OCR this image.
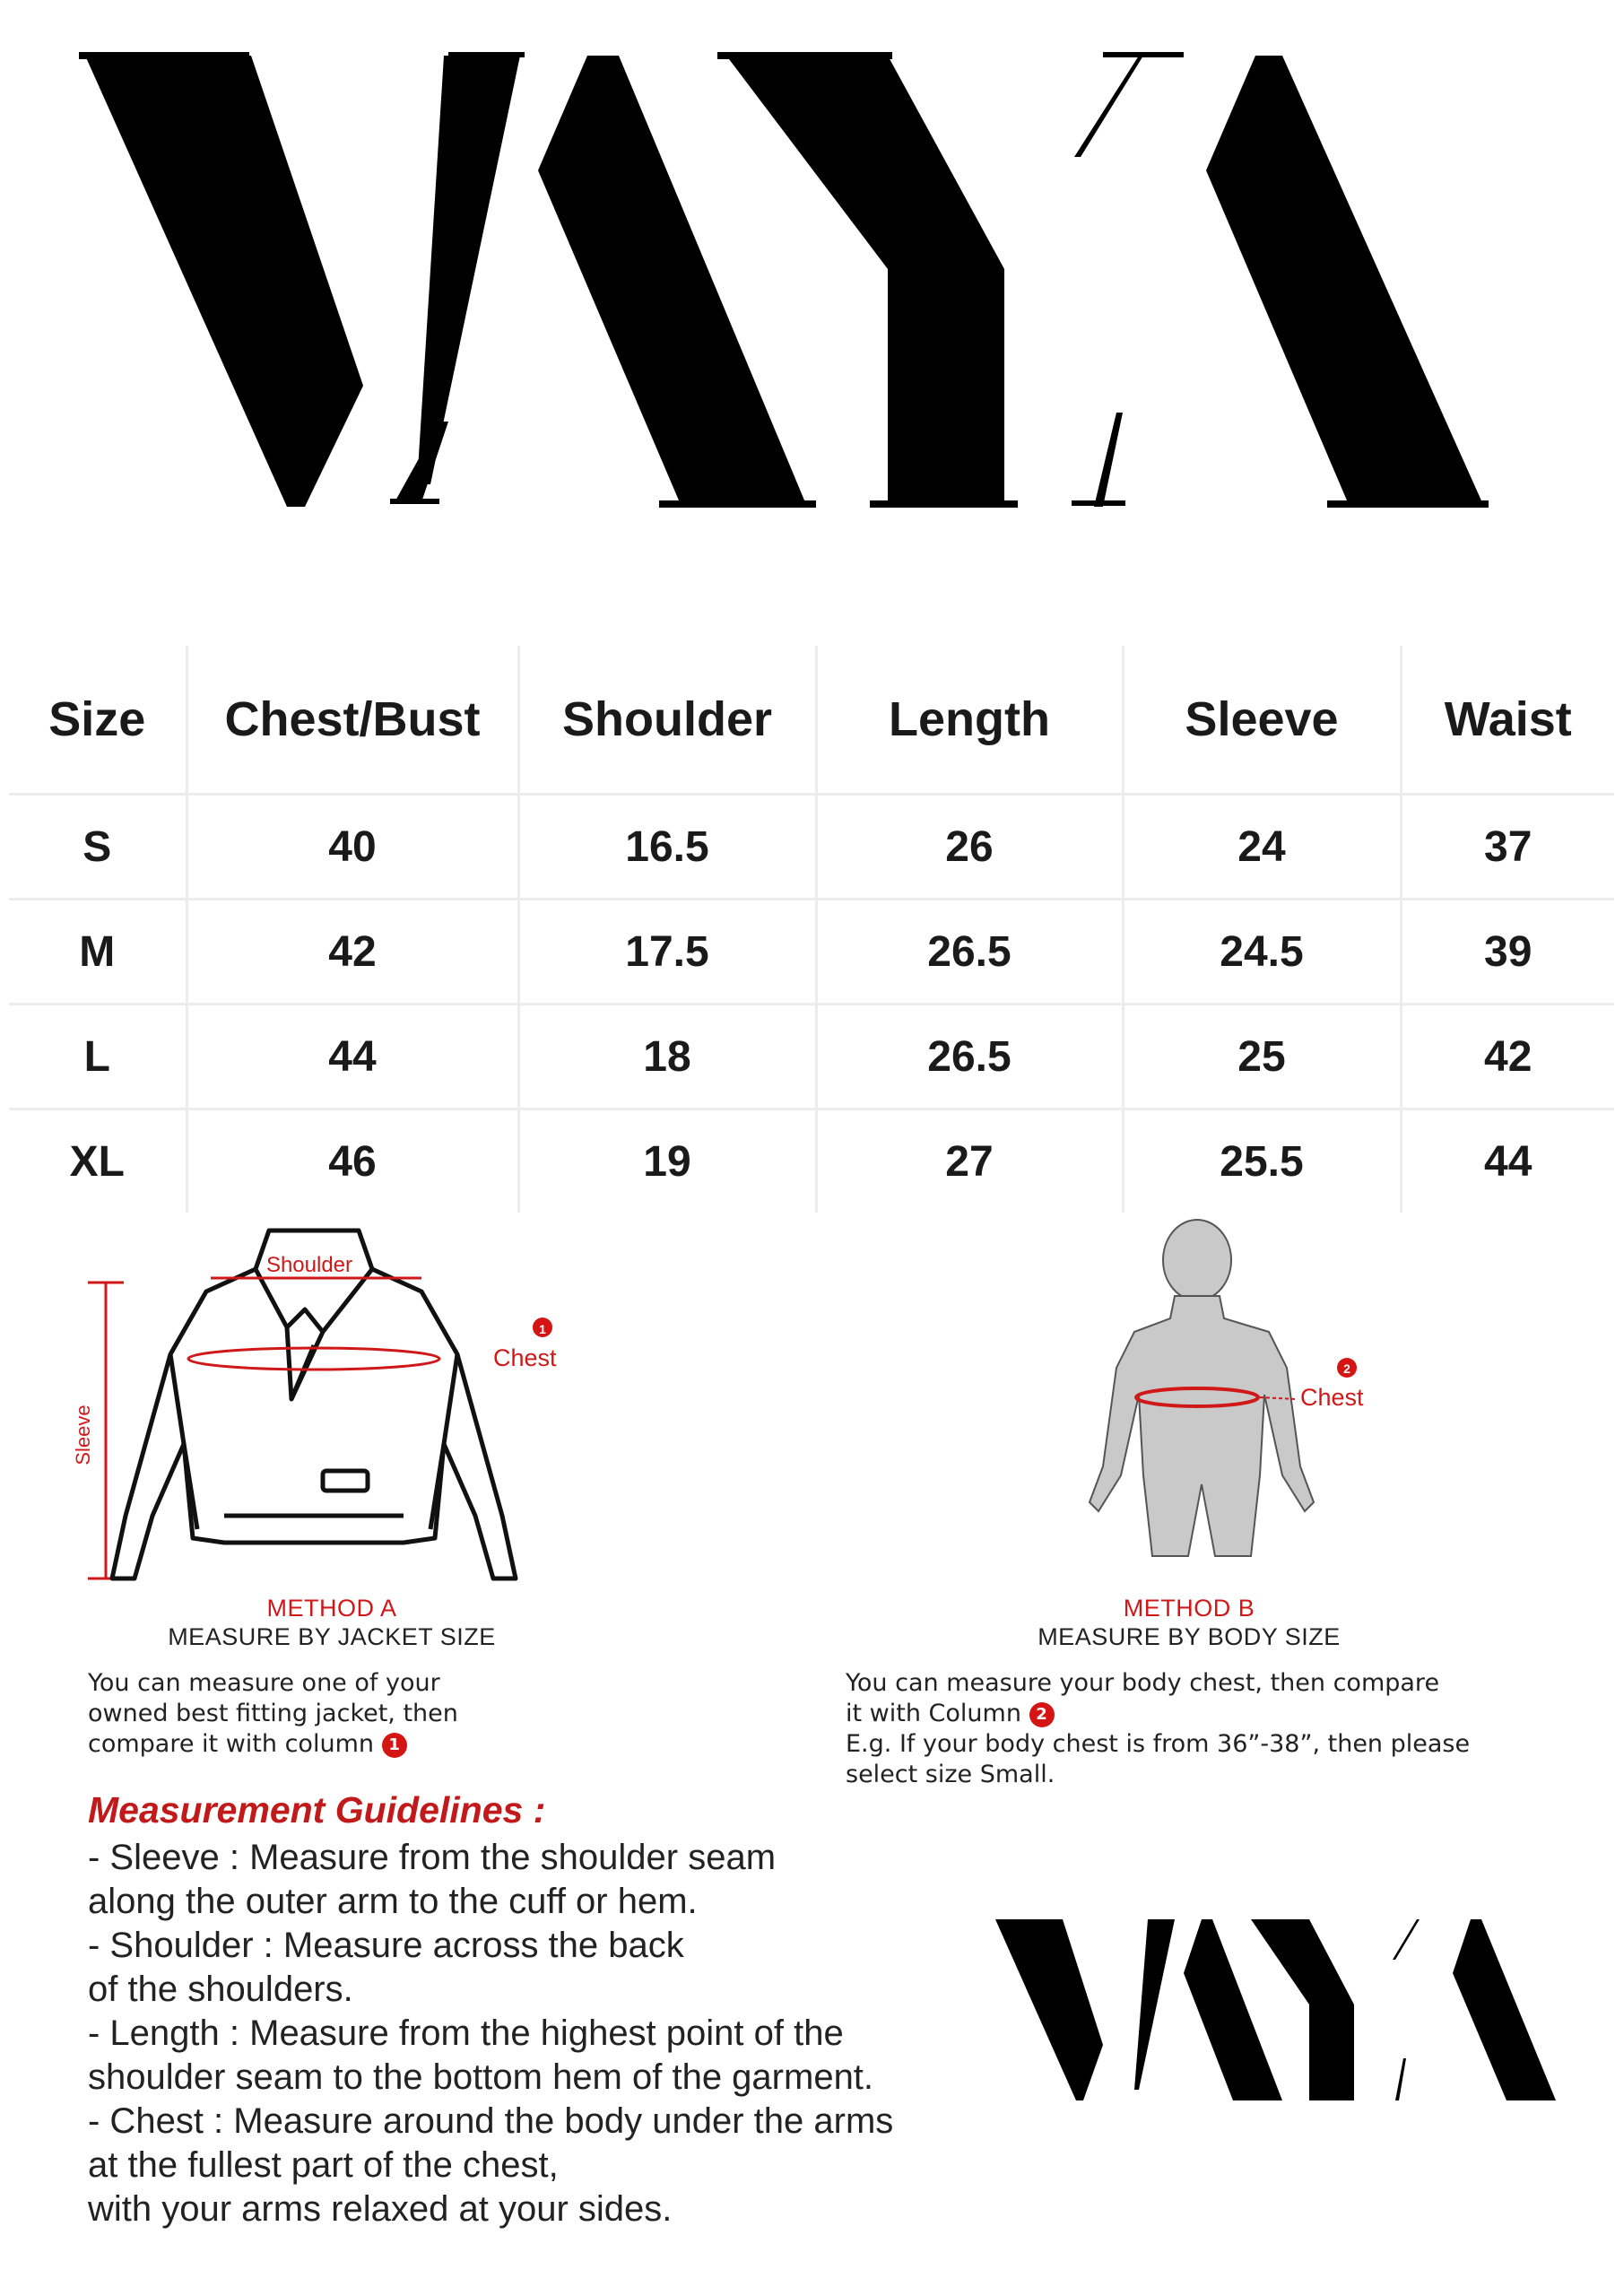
Size	Chest/Bust	Shoulder	Length	Sleeve	Waist
S	40	16.5	26	24	37
M	42	17.5	26.5	24.5	39
L	44	18	26.5	25	42
XL	46	19	27	25.5	44
Sleeve
Shoulder
1
Chest
METHOD A
MEASURE BY JACKET SIZE
You can measure one of your
owned best fitting jacket, then
compare it with column 1
2
Chest
METHOD B
MEASURE BY BODY SIZE
You can measure your body chest, then compare
it with Column 2
E.g. If your body chest is from 36”-38”, then please
select size Small.
Measurement Guidelines :
- Sleeve : Measure from the shoulder seam
along the outer arm to the cuff or hem.
- Shoulder : Measure across the back
of the shoulders.
- Length : Measure from the highest point of the
shoulder seam to the bottom hem of the garment.
- Chest : Measure around the body under the arms
at the fullest part of the chest,
with your arms relaxed at your sides.
